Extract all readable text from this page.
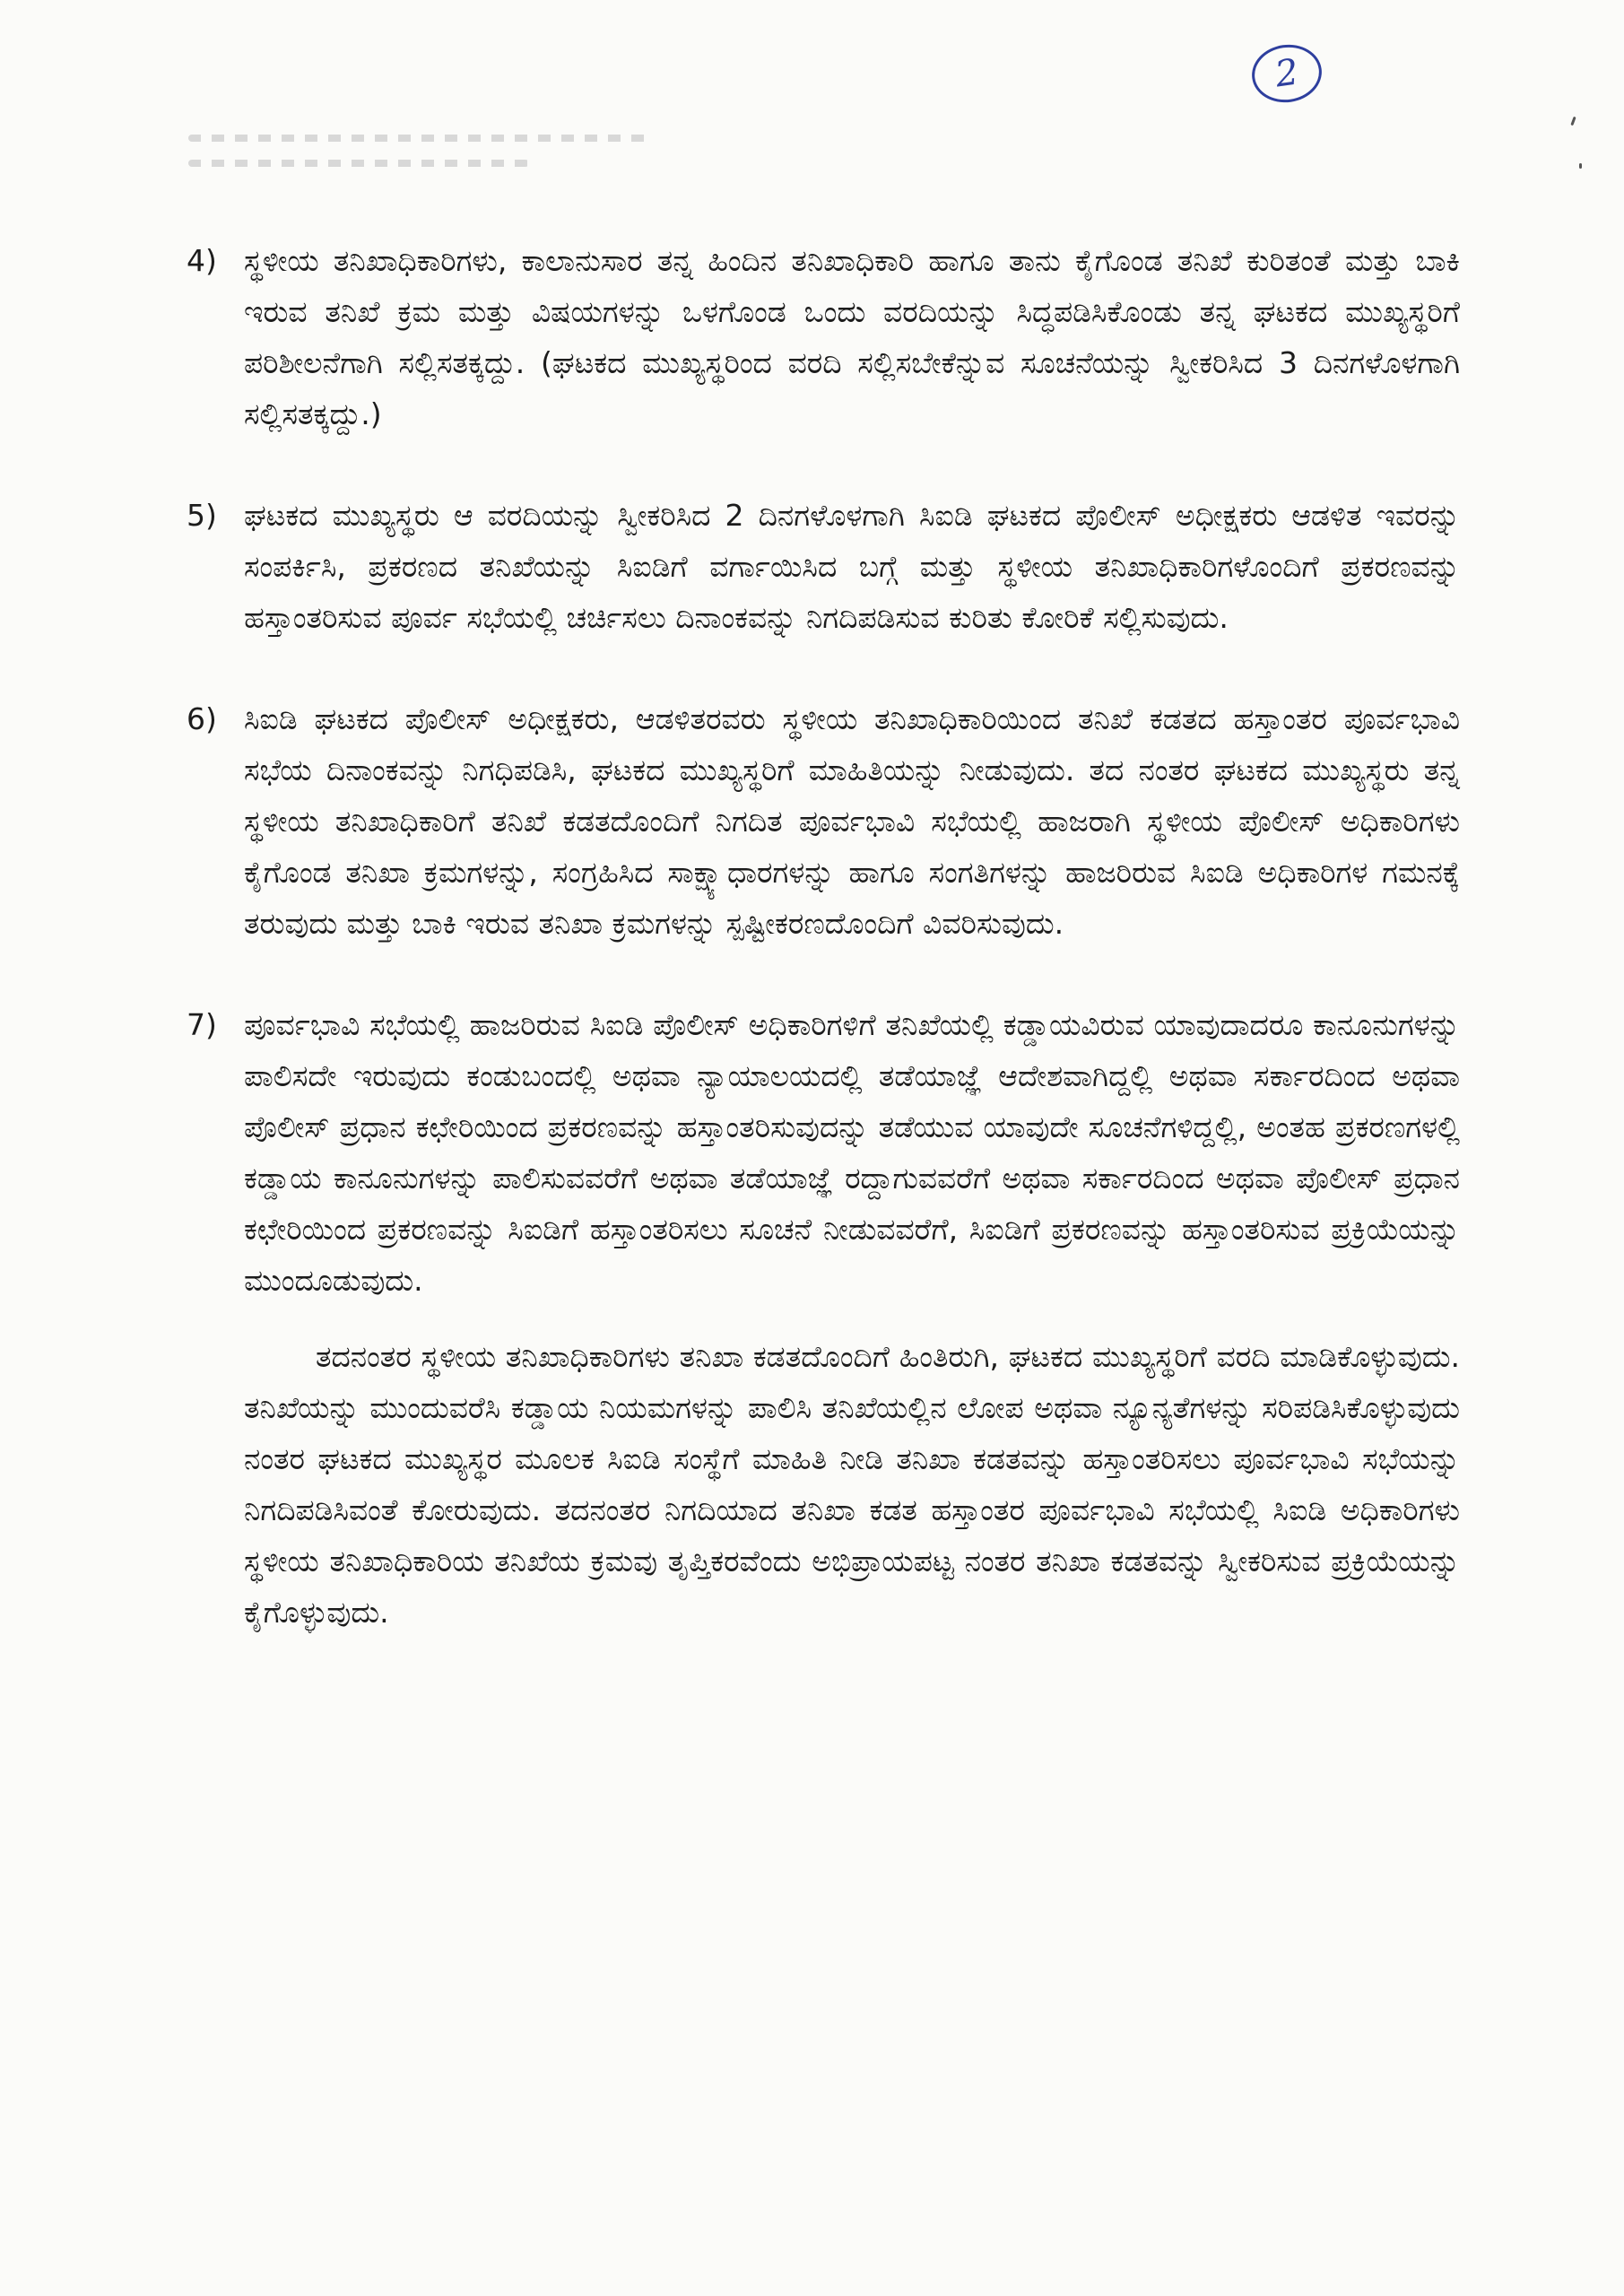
2
4) ಸ್ಥಳೀಯ ತನಿಖಾಧಿಕಾರಿಗಳು, ಕಾಲಾನುಸಾರ ತನ್ನ ಹಿಂದಿನ ತನಿಖಾಧಿಕಾರಿ ಹಾಗೂ ತಾನು ಕೈಗೊಂಡ ತನಿಖೆ ಕುರಿತಂತೆ ಮತ್ತು ಬಾಕಿ ಇರುವ ತನಿಖೆ ಕ್ರಮ ಮತ್ತು ವಿಷಯಗಳನ್ನು ಒಳಗೊಂಡ ಒಂದು ವರದಿಯನ್ನು ಸಿದ್ಧಪಡಿಸಿಕೊಂಡು ತನ್ನ ಘಟಕದ ಮುಖ್ಯಸ್ಥರಿಗೆ ಪರಿಶೀಲನೆಗಾಗಿ ಸಲ್ಲಿಸತಕ್ಕದ್ದು. (ಘಟಕದ ಮುಖ್ಯಸ್ಥರಿಂದ ವರದಿ ಸಲ್ಲಿಸಬೇಕೆನ್ನುವ ಸೂಚನೆಯನ್ನು ಸ್ವೀಕರಿಸಿದ 3 ದಿನಗಳೊಳಗಾಗಿ ಸಲ್ಲಿಸತಕ್ಕದ್ದು.)
5) ಘಟಕದ ಮುಖ್ಯಸ್ಥರು ಆ ವರದಿಯನ್ನು ಸ್ವೀಕರಿಸಿದ 2 ದಿನಗಳೊಳಗಾಗಿ ಸಿಐಡಿ ಘಟಕದ ಪೊಲೀಸ್ ಅಧೀಕ್ಷಕರು ಆಡಳಿತ ಇವರನ್ನು ಸಂಪರ್ಕಿಸಿ, ಪ್ರಕರಣದ ತನಿಖೆಯನ್ನು ಸಿಐಡಿಗೆ ವರ್ಗಾಯಿಸಿದ ಬಗ್ಗೆ ಮತ್ತು ಸ್ಥಳೀಯ ತನಿಖಾಧಿಕಾರಿಗಳೊಂದಿಗೆ ಪ್ರಕರಣವನ್ನು ಹಸ್ತಾಂತರಿಸುವ ಪೂರ್ವ ಸಭೆಯಲ್ಲಿ ಚರ್ಚಿಸಲು ದಿನಾಂಕವನ್ನು ನಿಗದಿಪಡಿಸುವ ಕುರಿತು ಕೋರಿಕೆ ಸಲ್ಲಿಸುವುದು.
6) ಸಿಐಡಿ ಘಟಕದ ಪೊಲೀಸ್ ಅಧೀಕ್ಷಕರು, ಆಡಳಿತರವರು ಸ್ಥಳೀಯ ತನಿಖಾಧಿಕಾರಿಯಿಂದ ತನಿಖೆ ಕಡತದ ಹಸ್ತಾಂತರ ಪೂರ್ವಭಾವಿ ಸಭೆಯ ದಿನಾಂಕವನ್ನು ನಿಗಧಿಪಡಿಸಿ, ಘಟಕದ ಮುಖ್ಯಸ್ಥರಿಗೆ ಮಾಹಿತಿಯನ್ನು ನೀಡುವುದು. ತದ ನಂತರ ಘಟಕದ ಮುಖ್ಯಸ್ಥರು ತನ್ನ ಸ್ಥಳೀಯ ತನಿಖಾಧಿಕಾರಿಗೆ ತನಿಖೆ ಕಡತದೊಂದಿಗೆ ನಿಗದಿತ ಪೂರ್ವಭಾವಿ ಸಭೆಯಲ್ಲಿ ಹಾಜರಾಗಿ ಸ್ಥಳೀಯ ಪೊಲೀಸ್ ಅಧಿಕಾರಿಗಳು ಕೈಗೊಂಡ ತನಿಖಾ ಕ್ರಮಗಳನ್ನು, ಸಂಗ್ರಹಿಸಿದ ಸಾಕ್ಷ್ಯಾಧಾರಗಳನ್ನು ಹಾಗೂ ಸಂಗತಿಗಳನ್ನು ಹಾಜರಿರುವ ಸಿಐಡಿ ಅಧಿಕಾರಿಗಳ ಗಮನಕ್ಕೆ ತರುವುದು ಮತ್ತು ಬಾಕಿ ಇರುವ ತನಿಖಾ ಕ್ರಮಗಳನ್ನು ಸ್ಪಷ್ಟೀಕರಣದೊಂದಿಗೆ ವಿವರಿಸುವುದು.
7) ಪೂರ್ವಭಾವಿ ಸಭೆಯಲ್ಲಿ ಹಾಜರಿರುವ ಸಿಐಡಿ ಪೊಲೀಸ್ ಅಧಿಕಾರಿಗಳಿಗೆ ತನಿಖೆಯಲ್ಲಿ ಕಡ್ಡಾಯವಿರುವ ಯಾವುದಾದರೂ ಕಾನೂನುಗಳನ್ನು ಪಾಲಿಸದೇ ಇರುವುದು ಕಂಡುಬಂದಲ್ಲಿ ಅಥವಾ ನ್ಯಾಯಾಲಯದಲ್ಲಿ ತಡೆಯಾಜ್ಞೆ ಆದೇಶವಾಗಿದ್ದಲ್ಲಿ ಅಥವಾ ಸರ್ಕಾರದಿಂದ ಅಥವಾ ಪೊಲೀಸ್ ಪ್ರಧಾನ ಕಛೇರಿಯಿಂದ ಪ್ರಕರಣವನ್ನು ಹಸ್ತಾಂತರಿಸುವುದನ್ನು ತಡೆಯುವ ಯಾವುದೇ ಸೂಚನೆಗಳಿದ್ದಲ್ಲಿ, ಅಂತಹ ಪ್ರಕರಣಗಳಲ್ಲಿ ಕಡ್ಡಾಯ ಕಾನೂನುಗಳನ್ನು ಪಾಲಿಸುವವರೆಗೆ ಅಥವಾ ತಡೆಯಾಜ್ಞೆ ರದ್ದಾಗುವವರೆಗೆ ಅಥವಾ ಸರ್ಕಾರದಿಂದ ಅಥವಾ ಪೊಲೀಸ್ ಪ್ರಧಾನ ಕಛೇರಿಯಿಂದ ಪ್ರಕರಣವನ್ನು ಸಿಐಡಿಗೆ ಹಸ್ತಾಂತರಿಸಲು ಸೂಚನೆ ನೀಡುವವರೆಗೆ, ಸಿಐಡಿಗೆ ಪ್ರಕರಣವನ್ನು ಹಸ್ತಾಂತರಿಸುವ ಪ್ರಕ್ರಿಯೆಯನ್ನು ಮುಂದೂಡುವುದು.
ತದನಂತರ ಸ್ಥಳೀಯ ತನಿಖಾಧಿಕಾರಿಗಳು ತನಿಖಾ ಕಡತದೊಂದಿಗೆ ಹಿಂತಿರುಗಿ, ಘಟಕದ ಮುಖ್ಯಸ್ಥರಿಗೆ ವರದಿ ಮಾಡಿಕೊಳ್ಳುವುದು. ತನಿಖೆಯನ್ನು ಮುಂದುವರೆಸಿ ಕಡ್ಡಾಯ ನಿಯಮಗಳನ್ನು ಪಾಲಿಸಿ ತನಿಖೆಯಲ್ಲಿನ ಲೋಪ ಅಥವಾ ನ್ಯೂನ್ಯತೆಗಳನ್ನು ಸರಿಪಡಿಸಿಕೊಳ್ಳುವುದು ನಂತರ ಘಟಕದ ಮುಖ್ಯಸ್ಥರ ಮೂಲಕ ಸಿಐಡಿ ಸಂಸ್ಥೆಗೆ ಮಾಹಿತಿ ನೀಡಿ ತನಿಖಾ ಕಡತವನ್ನು ಹಸ್ತಾಂತರಿಸಲು ಪೂರ್ವಭಾವಿ ಸಭೆಯನ್ನು ನಿಗದಿಪಡಿಸಿವಂತೆ ಕೋರುವುದು. ತದನಂತರ ನಿಗದಿಯಾದ ತನಿಖಾ ಕಡತ ಹಸ್ತಾಂತರ ಪೂರ್ವಭಾವಿ ಸಭೆಯಲ್ಲಿ ಸಿಐಡಿ ಅಧಿಕಾರಿಗಳು ಸ್ಥಳೀಯ ತನಿಖಾಧಿಕಾರಿಯ ತನಿಖೆಯ ಕ್ರಮವು ತೃಪ್ತಿಕರವೆಂದು ಅಭಿಪ್ರಾಯಪಟ್ಟ ನಂತರ ತನಿಖಾ ಕಡತವನ್ನು ಸ್ವೀಕರಿಸುವ ಪ್ರಕ್ರಿಯೆಯನ್ನು ಕೈಗೊಳ್ಳುವುದು.
